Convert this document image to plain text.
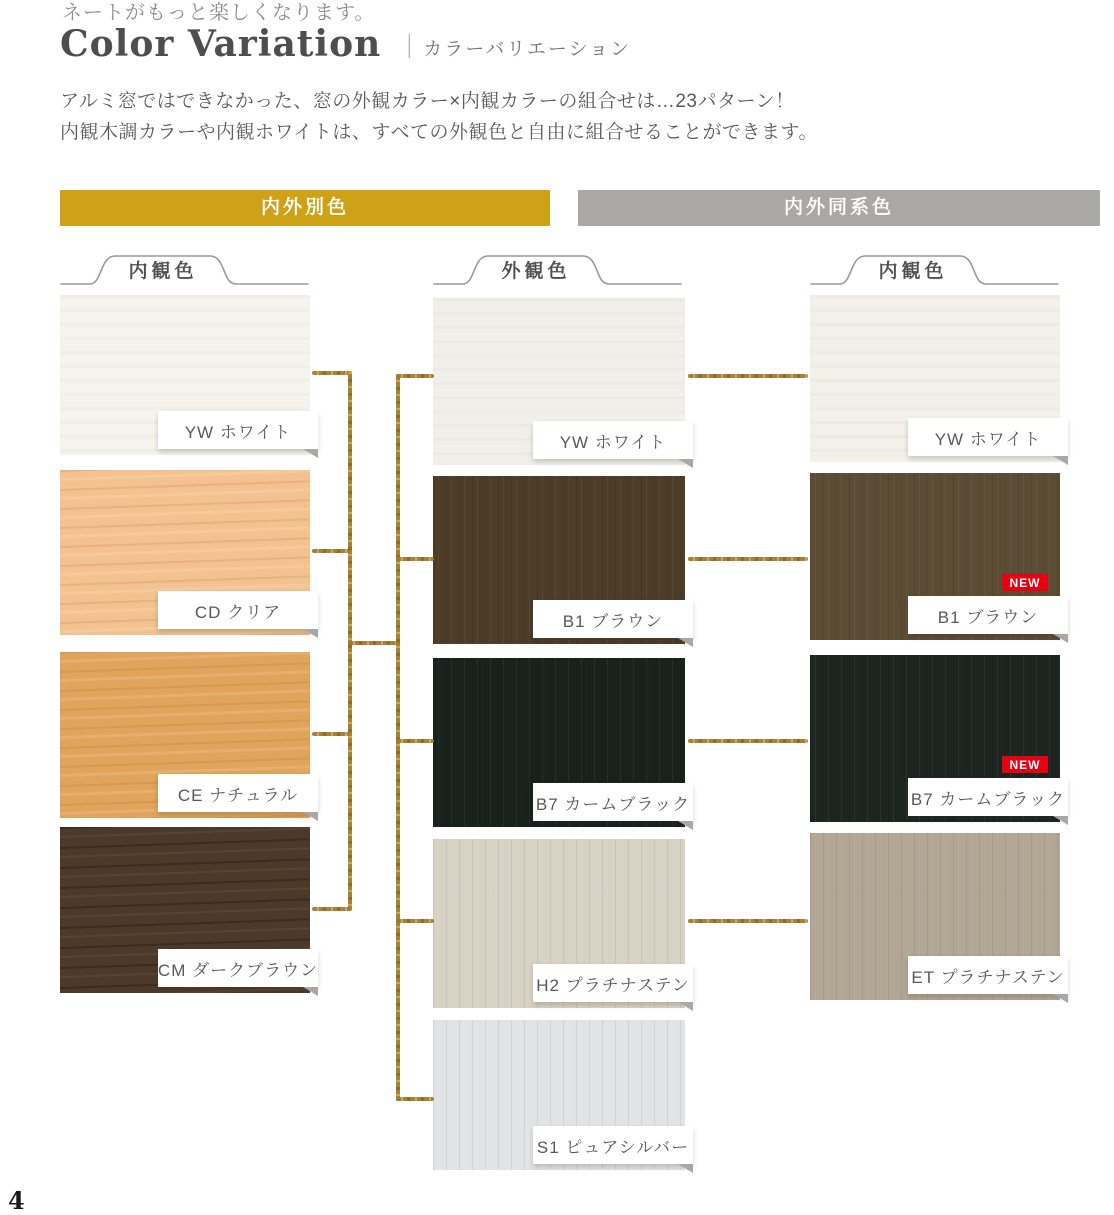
ネートがもっと楽しくなります。
Color Variation ｜ カラーバリエーション
アルミ窓ではできなかった、窓の外観カラー×内観カラーの組合せは…23パターン！
内観木調カラーや内観ホワイトは、すべての外観色と自由に組合せることができます。
内外別色	内外同系色
内観色	外観色	内観色
YW ホワイト
CD クリア
CE ナチュラル
CM ダークブラウン
YW ホワイト
B1 ブラウン
B7 カームブラック
H2 プラチナステン
S1 ピュアシルバー
YW ホワイト
NEW
B1 ブラウン
NEW
B7 カームブラック
ET プラチナステン
4
